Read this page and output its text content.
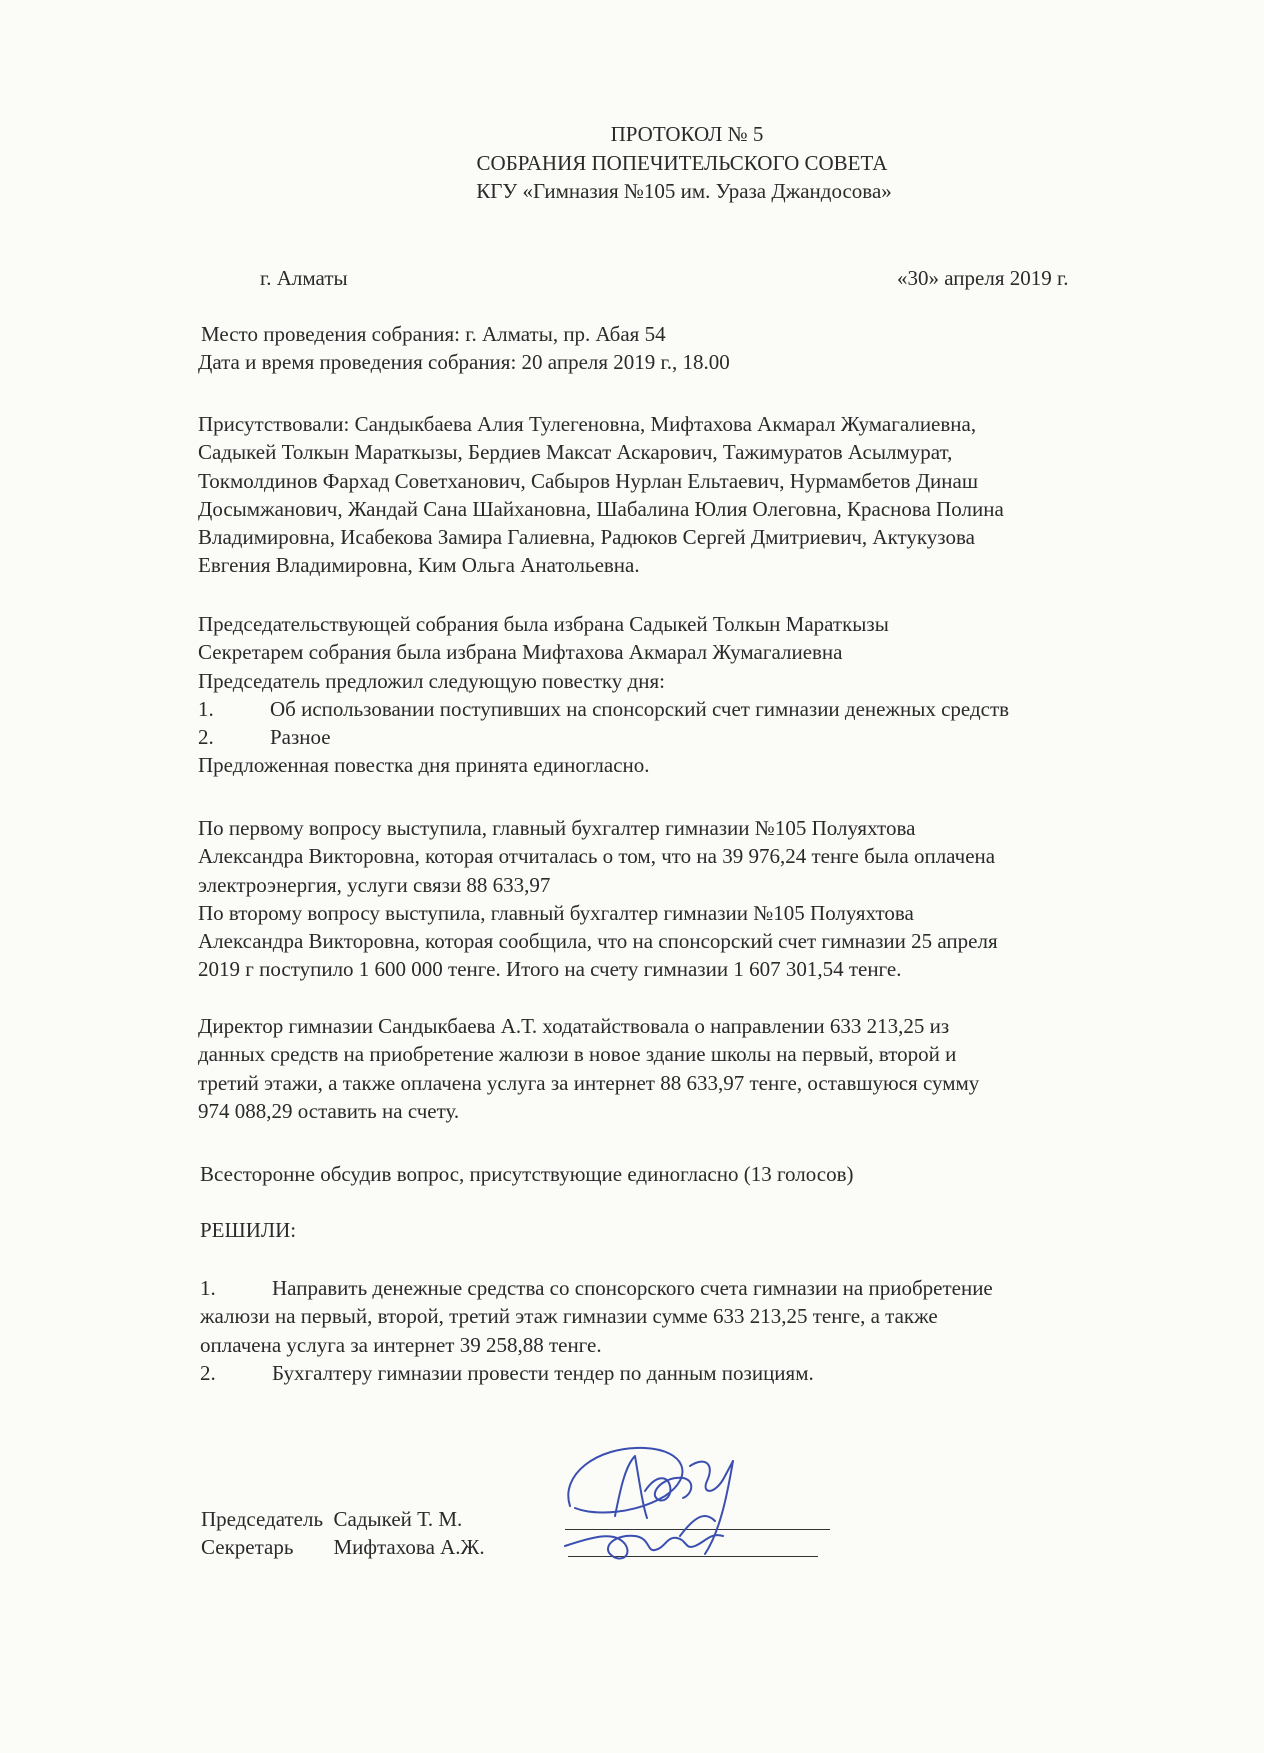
ПРОТОКОЛ № 5
СОБРАНИЯ ПОПЕЧИТЕЛЬСКОГО СОВЕТА
КГУ «Гимназия №105 им. Ураза Джандосова»
г. Алматы	«30» апреля 2019 г.
Место проведения собрания: г. Алматы, пр. Абая 54
Дата и время проведения собрания: 20 апреля 2019 г., 18.00
Присутствовали: Сандыкбаева Алия Тулегеновна, Мифтахова Акмарал Жумагалиевна,
Садыкей Толкын Мараткызы, Бердиев Максат Аскарович, Тажимуратов Асылмурат,
Токмолдинов Фархад Советханович, Сабыров Нурлан Ельтаевич, Нурмамбетов Динаш
Досымжанович, Жандай Сана Шайхановна, Шабалина Юлия Олеговна, Краснова Полина
Владимировна, Исабекова Замира Галиевна, Радюков Сергей Дмитриевич, Актукузова
Евгения Владимировна, Ким Ольга Анатольевна.
Председательствующей собрания была избрана Садыкей Толкын Мараткызы
Секретарем собрания была избрана Мифтахова Акмарал Жумагалиевна
Председатель предложил следующую повестку дня:
1.	Об использовании поступивших на спонсорский счет гимназии денежных средств
2.	Разное
Предложенная повестка дня принята единогласно.
По первому вопросу выступила, главный бухгалтер гимназии №105 Полуяхтова
Александра Викторовна, которая отчиталась о том, что на 39 976,24 тенге была оплачена
электроэнергия, услуги связи 88 633,97
По второму вопросу выступила, главный бухгалтер гимназии №105 Полуяхтова
Александра Викторовна, которая сообщила, что на спонсорский счет гимназии 25 апреля
2019 г поступило 1 600 000 тенге. Итого на счету гимназии 1 607 301,54 тенге.
Директор гимназии Сандыкбаева А.Т. ходатайствовала о направлении 633 213,25 из
данных средств на приобретение жалюзи в новое здание школы на первый, второй и
третий этажи, а также оплачена услуга за интернет 88 633,97 тенге, оставшуюся сумму
974 088,29 оставить на счету.
Всесторонне обсудив вопрос, присутствующие единогласно (13 голосов)
РЕШИЛИ:
1.	Направить денежные средства со спонсорского счета гимназии на приобретение
жалюзи на первый, второй, третий этаж гимназии сумме 633 213,25 тенге, а также
оплачена услуга за интернет 39 258,88 тенге.
2.	Бухгалтеру гимназии провести тендер по данным позициям.
Председатель Садыкей Т. М.
Секретарь Мифтахова А.Ж.
